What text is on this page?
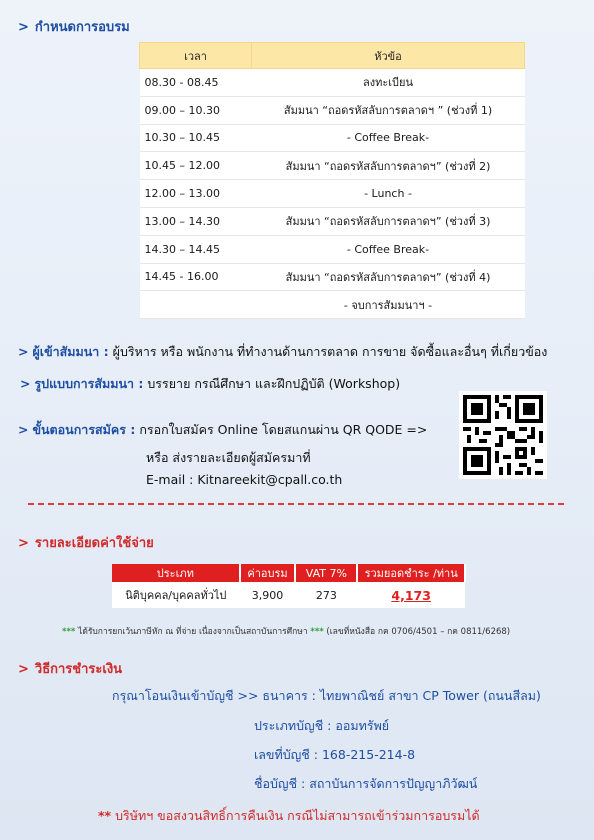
> กำหนดการอบรม
เวลา	หัวข้อ
08.30 - 08.45	ลงทะเบียน
09.00 – 10.30	สัมมนา “ถอดรหัสลับการตลาดฯ ” (ช่วงที่ 1)
10.30 – 10.45	- Coffee Break-
10.45 – 12.00	สัมมนา “ถอดรหัสลับการตลาดฯ” (ช่วงที่ 2)
12.00 – 13.00	- Lunch -
13.00 – 14.30	สัมมนา “ถอดรหัสลับการตลาดฯ” (ช่วงที่ 3)
14.30 – 14.45	- Coffee Break-
14.45 - 16.00	สัมมนา “ถอดรหัสลับการตลาดฯ” (ช่วงที่ 4)
	- จบการสัมมนาฯ -
> ผู้เข้าสัมมนา : ผู้บริหาร หรือ พนักงาน ที่ทำงานด้านการตลาด การขาย จัดซื้อและอื่นๆ ที่เกี่ยวข้อง
> รูปแบบการสัมมนา : บรรยาย กรณีศึกษา และฝึกปฏิบัติ (Workshop)
> ขั้นตอนการสมัคร : กรอกใบสมัคร Online โดยสแกนผ่าน QR QODE =>
หรือ ส่งรายละเอียดผู้สมัครมาที่
E-mail : Kitnareekit@cpall.co.th
> รายละเอียดค่าใช้จ่าย
ประเภท	ค่าอบรม	VAT 7%	รวมยอดชำระ /ท่าน
นิติบุคคล/บุคคลทั่วไป	3,900	273	4,173
*** ได้รับการยกเว้นภาษีหัก ณ ที่จ่าย เนื่องจากเป็นสถาบันการศึกษา *** (เลขที่หนังสือ กค 0706/4501 – กค 0811/6268)
> วิธีการชำระเงิน
กรุณาโอนเงินเข้าบัญชี >> ธนาคาร : ไทยพาณิชย์ สาขา CP Tower (ถนนสีลม)
ประเภทบัญชี : ออมทรัพย์
เลขที่บัญชี : 168-215-214-8
ชื่อบัญชี : สถาบันการจัดการปัญญาภิวัฒน์
** บริษัทฯ ขอสงวนสิทธิ์การคืนเงิน กรณีไม่สามารถเข้าร่วมการอบรมได้
